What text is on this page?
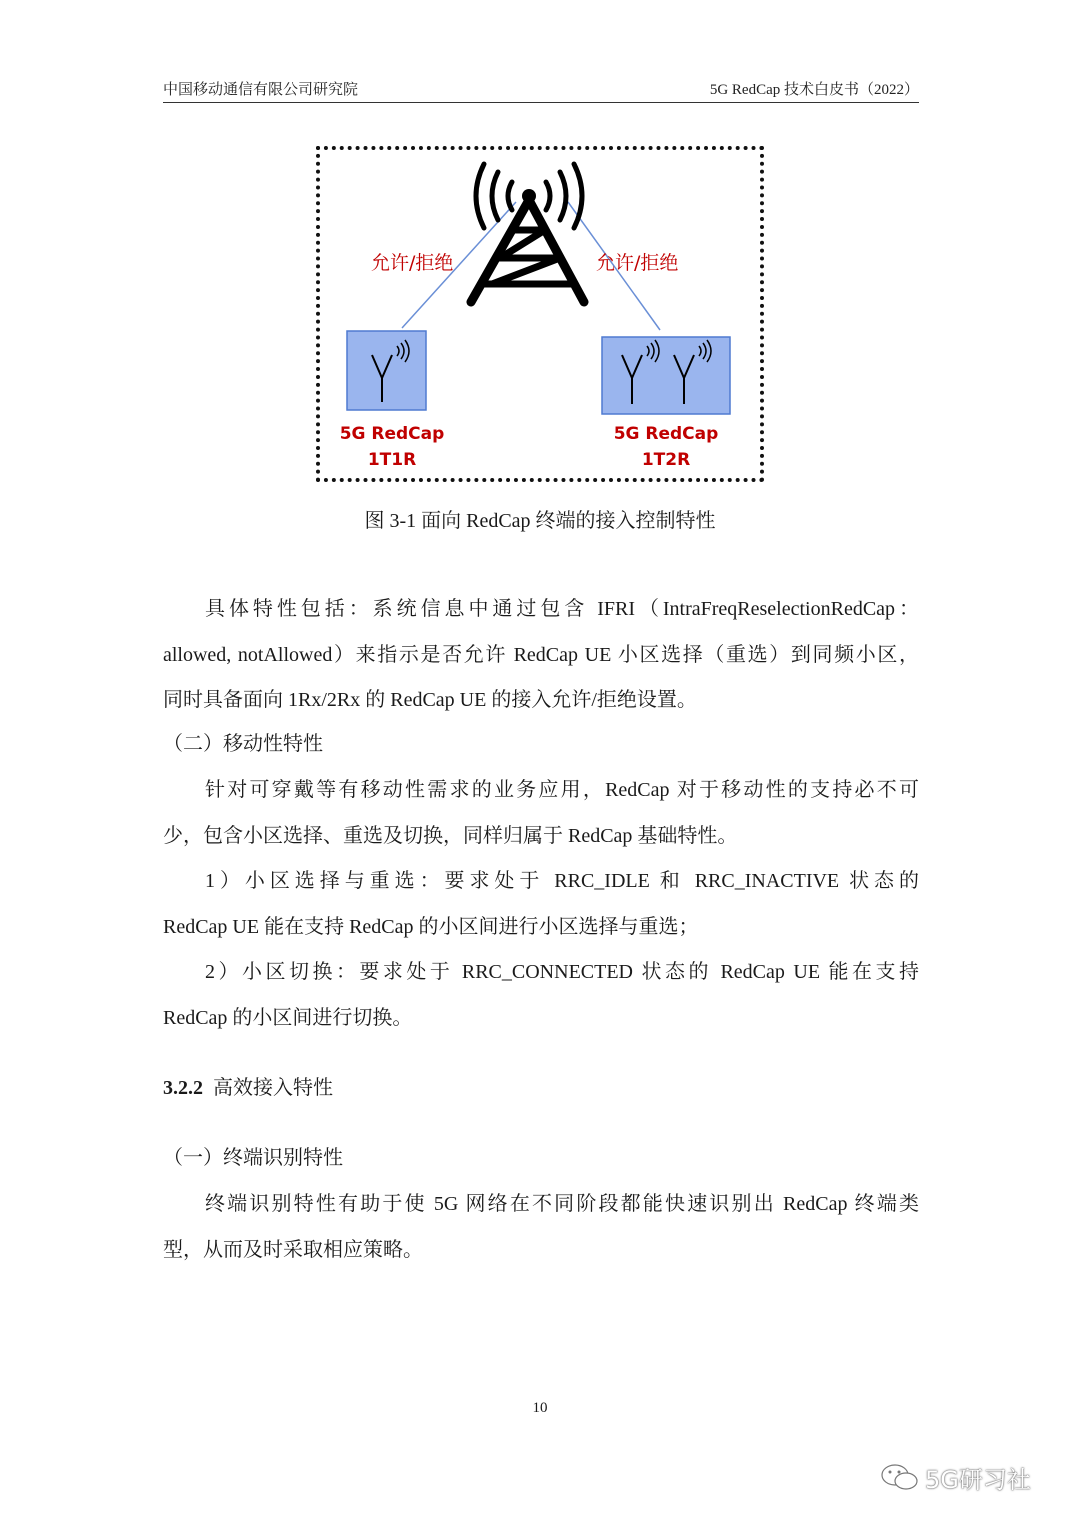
中国移动通信有限公司研究院	5G RedCap 技术白皮书（2022）
允许/拒绝	允许/拒绝
5G RedCap
1T1R
5G RedCap
1T2R
图 3-1 面向 RedCap 终端的接入控制特性
具体特性包括：系统信息中通过包含 IFRI（IntraFreqReselectionRedCap：
allowed, notAllowed）来指示是否允许 RedCap UE 小区选择（重选）到同频小区，
同时具备面向 1Rx/2Rx 的 RedCap UE 的接入允许/拒绝设置。
（二）移动性特性
针对可穿戴等有移动性需求的业务应用，RedCap 对于移动性的支持必不可
少，包含小区选择、重选及切换，同样归属于 RedCap 基础特性。
1）小区选择与重选：要求处于 RRC_IDLE 和 RRC_INACTIVE 状态的
RedCap UE 能在支持 RedCap 的小区间进行小区选择与重选；
2）小区切换：要求处于 RRC_CONNECTED 状态的 RedCap UE 能在支持
RedCap 的小区间进行切换。
3.2.2 高效接入特性
（一）终端识别特性
终端识别特性有助于使 5G 网络在不同阶段都能快速识别出 RedCap 终端类
型，从而及时采取相应策略。
10
5G研习社
